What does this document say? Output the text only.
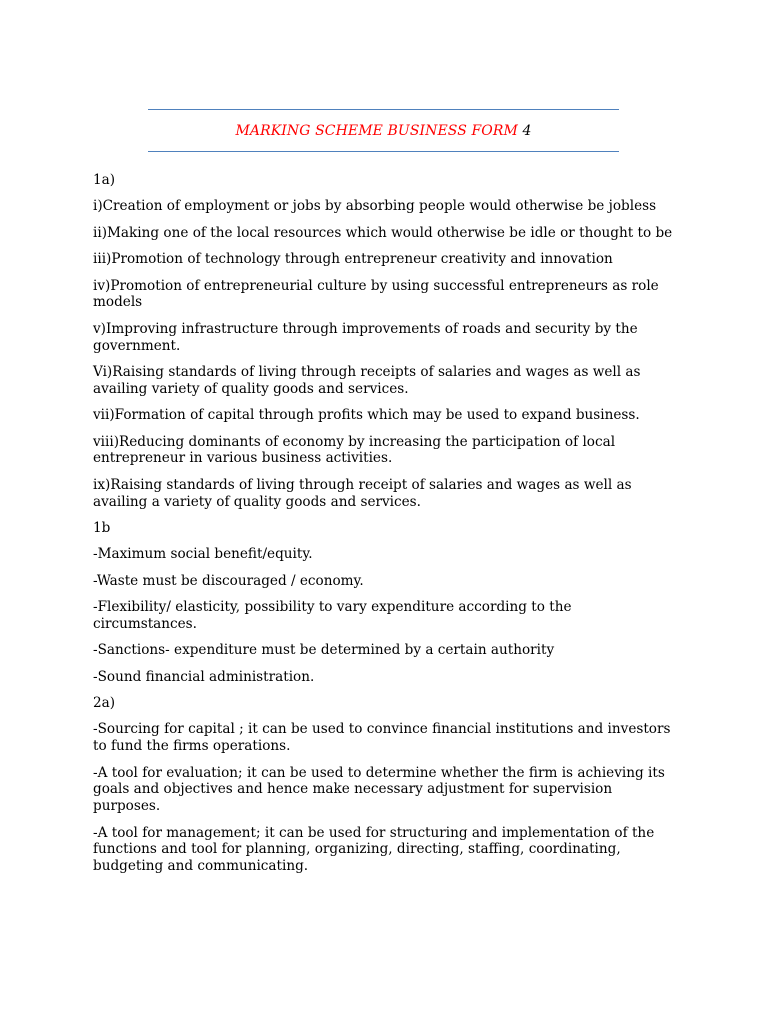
MARKING SCHEME BUSINESS FORM 4

1a)

i)Creation of employment or jobs by absorbing people would otherwise be jobless

ii)Making one of the local resources which would otherwise be idle or thought to be

iii)Promotion of technology through entrepreneur creativity and innovation

iv)Promotion of entrepreneurial culture by using successful entrepreneurs as role models

v)Improving infrastructure through improvements of roads and security by the government.

Vi)Raising standards of living through receipts of salaries and wages as well as availing variety of quality goods and services.

vii)Formation of capital through profits which may be used to expand business.

viii)Reducing dominants of economy by increasing the participation of local entrepreneur in various business activities.

ix)Raising standards of living through receipt of salaries and wages as well as availing a variety of quality goods and services.

1b

-Maximum social benefit/equity.

-Waste must be discouraged / economy.

-Flexibility/ elasticity, possibility to vary expenditure according to the circumstances.

-Sanctions- expenditure must be determined by a certain authority

-Sound financial administration.

2a)

-Sourcing for capital ; it can be used to convince financial institutions and investors to fund the firms operations.

-A tool for evaluation; it can be used to determine whether the firm is achieving its goals and objectives and hence make necessary adjustment for supervision purposes.

-A tool for management; it can be used for structuring and implementation of the functions and tool for planning, organizing, directing, staffing, coordinating, budgeting and communicating.
